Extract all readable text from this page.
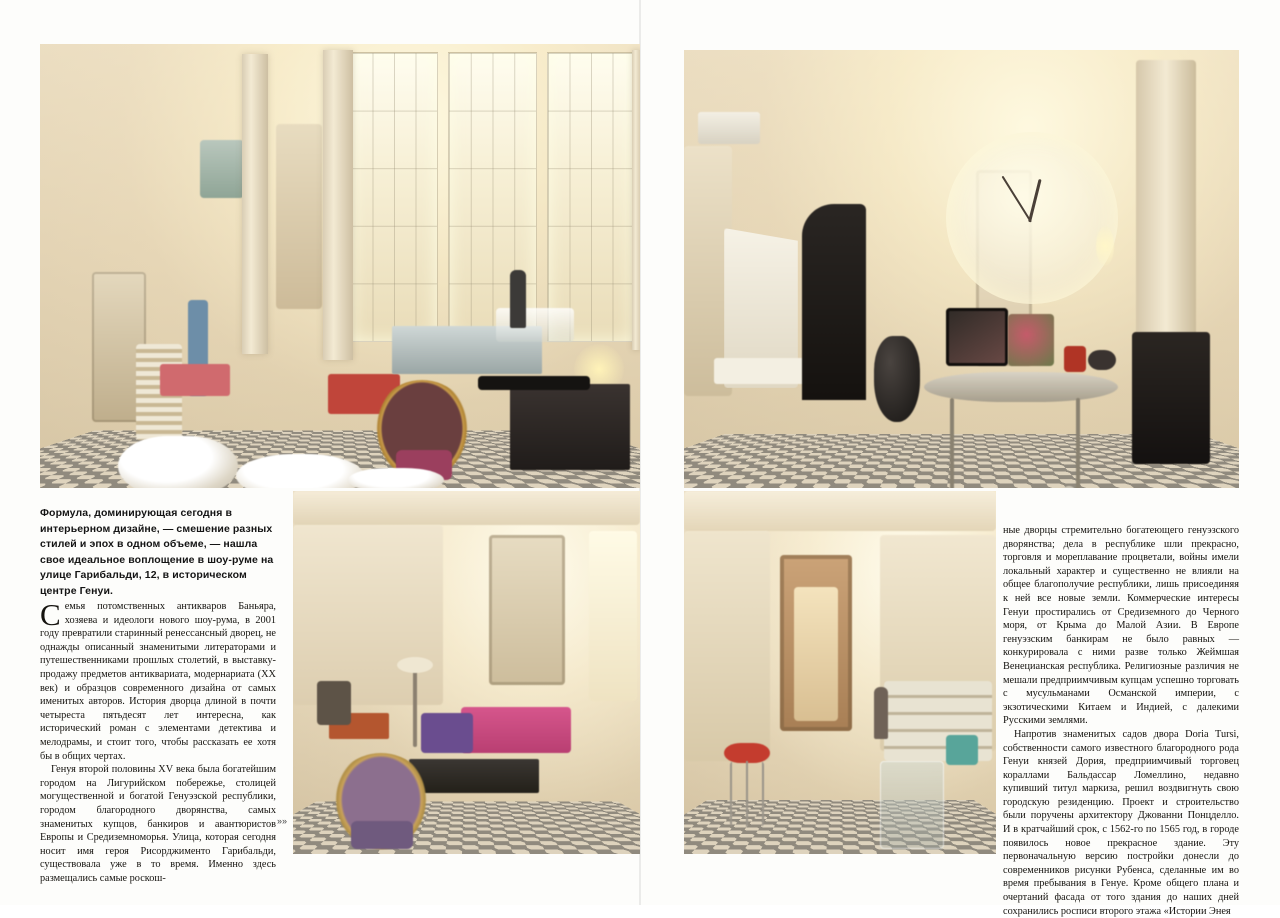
Формула, доминирующая сегодня в интерьерном дизайне, — смешение разных стилей и эпох в одном объеме, — нашла свое идеальное воплощение в шоу-руме на улице Гарибальди, 12, в историческом центре Генуи.

Семья потомственных антикваров Баньяра, хозяева и идеологи нового шоу-рума, в 2001 году превратили старинный ренессансный дворец, не однажды описанный знаменитыми литераторами и путешественниками прошлых столетий, в выставку-продажу предметов антиквариата, модернариата (XX век) и образцов современного дизайна от самых именитых авторов. История дворца длиной в почти четыреста пятьдесят лет интересна, как исторический роман с элементами детектива и мелодрамы, и стоит того, чтобы рассказать ее хотя бы в общих чертах.

Генуя второй половины XV века была богатейшим городом на Лигурийском побережье, столицей могущественной и богатой Генуэзской республики, городом благородного дворянства, самых знаменитых купцов, банкиров и авантюристов Европы и Средиземноморья. Улица, которая сегодня носит имя героя Рисорджименто Гарибальди, существовала уже в то время. Именно здесь размещались самые роскош-

»»

ные дворцы стремительно богатеющего генуэзского дворянства; дела в республике шли прекрасно, торговля и мореплавание процветали, войны имели локальный характер и существенно не влияли на общее благополучие республики, лишь присоединяя к ней все новые земли. Коммерческие интересы Генуи простирались от Средиземного до Черного моря, от Крыма до Малой Азии. В Европе генуэзским банкирам не было равных — конкурировала с ними разве только Жеймшая Венецианская республика. Религиозные различия не мешали предприимчивым купцам успешно торговать с мусульманами Османской империи, с экзотическими Китаем и Индией, с далекими Русскими землями.

Напротив знаменитых садов двора Doria Tursi, собственности самого известного благородного рода Генуи князей Дория, предприимчивый торговец кораллами Бальдассар Ломеллино, недавно купивший титул маркиза, решил воздвигнуть свою городскую резиденцию. Проект и строительство были поручены архитектору Джованни Понцделло. И в кратчайший срок, с 1562-го по 1565 год, в городе появилось новое прекрасное здание. Эту первоначальную версию постройки донесли до современников рисунки Рубенса, сделанные им во время пребывания в Генуе. Кроме общего плана и очертаний фасада от того здания до наших дней сохранились росписи второго этажа «Истории Энея
